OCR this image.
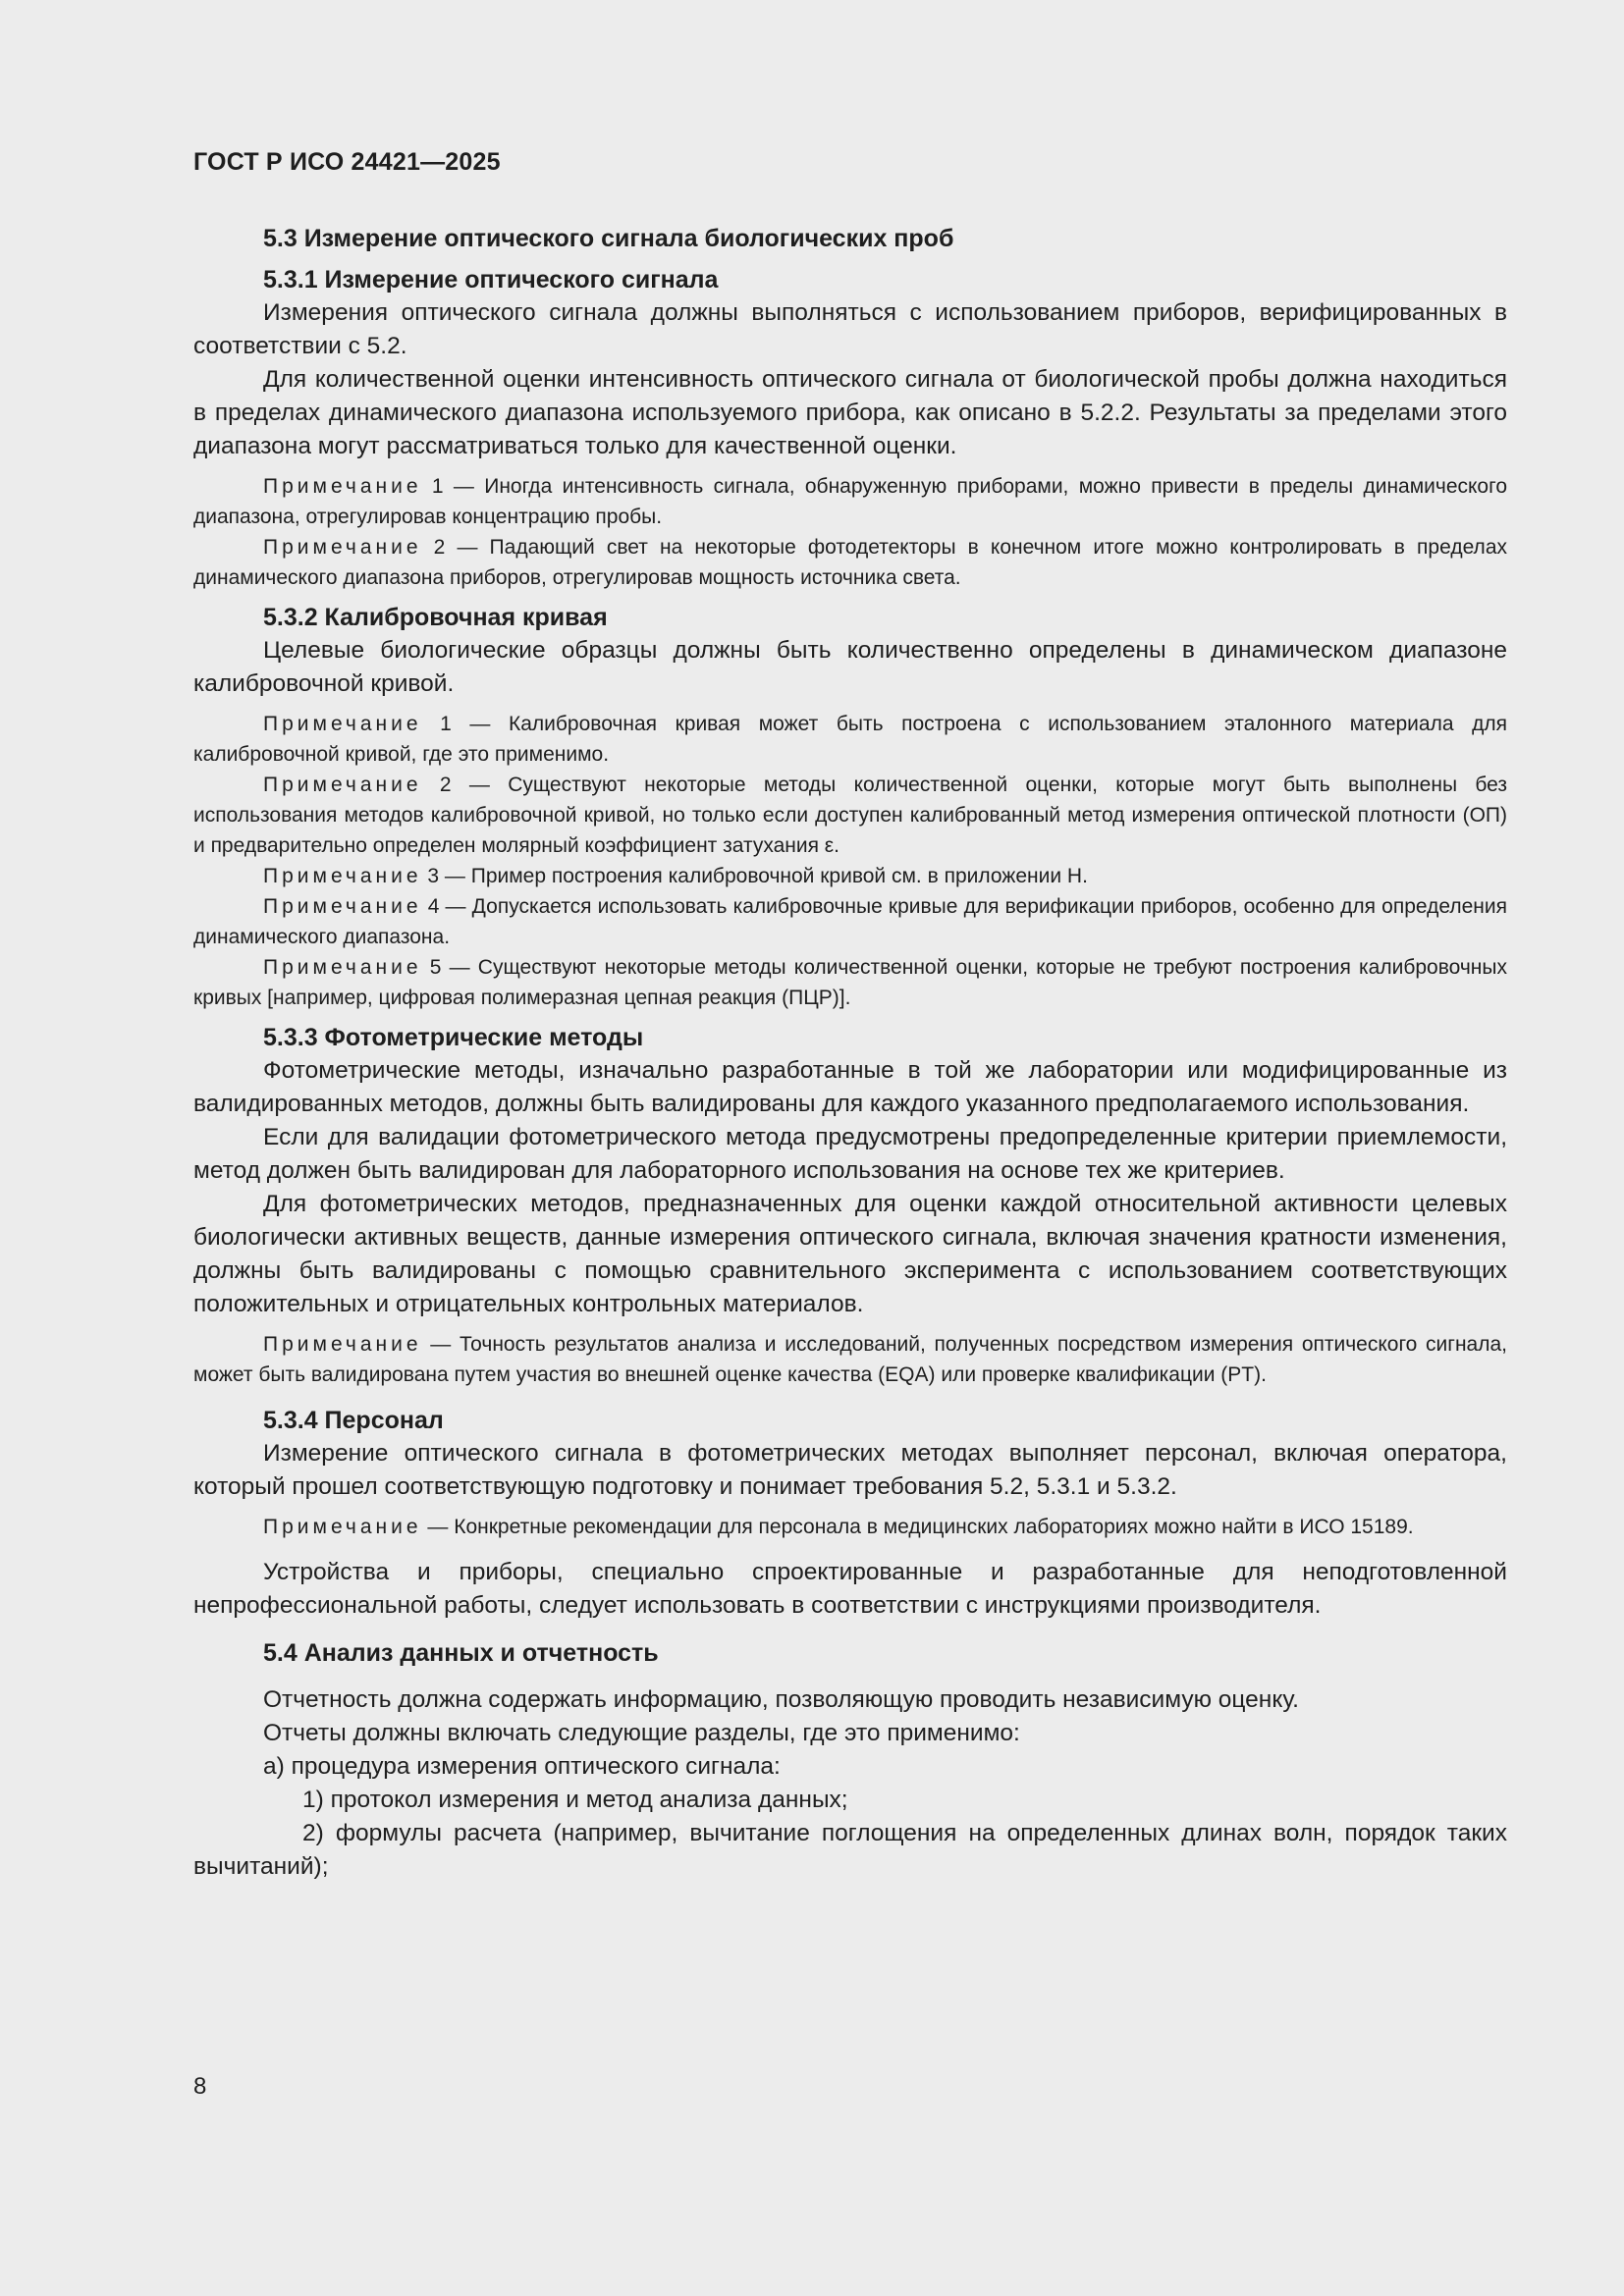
ГОСТ Р ИСО 24421—2025
5.3 Измерение оптического сигнала биологических проб
5.3.1 Измерение оптического сигнала

Измерения оптического сигнала должны выполняться с использованием приборов, верифицированных в соответствии с 5.2.

Для количественной оценки интенсивность оптического сигнала от биологической пробы должна находиться в пределах динамического диапазона используемого прибора, как описано в 5.2.2. Результаты за пределами этого диапазона могут рассматриваться только для качественной оценки.

Примечание 1 — Иногда интенсивность сигнала, обнаруженную приборами, можно привести в пределы динамического диапазона, отрегулировав концентрацию пробы.

Примечание 2 — Падающий свет на некоторые фотодетекторы в конечном итоге можно контролировать в пределах динамического диапазона приборов, отрегулировав мощность источника света.

5.3.2 Калибровочная кривая

Целевые биологические образцы должны быть количественно определены в динамическом диапазоне калибровочной кривой.

Примечание 1 — Калибровочная кривая может быть построена с использованием эталонного материала для калибровочной кривой, где это применимо.

Примечание 2 — Существуют некоторые методы количественной оценки, которые могут быть выполнены без использования методов калибровочной кривой, но только если доступен калиброванный метод измерения оптической плотности (ОП) и предварительно определен молярный коэффициент затухания ε.

Примечание 3 — Пример построения калибровочной кривой см. в приложении Н.

Примечание 4 — Допускается использовать калибровочные кривые для верификации приборов, особенно для определения динамического диапазона.

Примечание 5 — Существуют некоторые методы количественной оценки, которые не требуют построения калибровочных кривых [например, цифровая полимеразная цепная реакция (ПЦР)].

5.3.3 Фотометрические методы

Фотометрические методы, изначально разработанные в той же лаборатории или модифицированные из валидированных методов, должны быть валидированы для каждого указанного предполагаемого использования.

Если для валидации фотометрического метода предусмотрены предопределенные критерии приемлемости, метод должен быть валидирован для лабораторного использования на основе тех же критериев.

Для фотометрических методов, предназначенных для оценки каждой относительной активности целевых биологически активных веществ, данные измерения оптического сигнала, включая значения кратности изменения, должны быть валидированы с помощью сравнительного эксперимента с использованием соответствующих положительных и отрицательных контрольных материалов.

Примечание — Точность результатов анализа и исследований, полученных посредством измерения оптического сигнала, может быть валидирована путем участия во внешней оценке качества (EQA) или проверке квалификации (PT).

5.3.4 Персонал

Измерение оптического сигнала в фотометрических методах выполняет персонал, включая оператора, который прошел соответствующую подготовку и понимает требования 5.2, 5.3.1 и 5.3.2.

Примечание — Конкретные рекомендации для персонала в медицинских лабораториях можно найти в ИСО 15189.

Устройства и приборы, специально спроектированные и разработанные для неподготовленной непрофессиональной работы, следует использовать в соответствии с инструкциями производителя.

5.4 Анализ данных и отчетность

Отчетность должна содержать информацию, позволяющую проводить независимую оценку.

Отчеты должны включать следующие разделы, где это применимо:

а) процедура измерения оптического сигнала:

1) протокол измерения и метод анализа данных;

2) формулы расчета (например, вычитание поглощения на определенных длинах волн, порядок таких вычитаний);

8
